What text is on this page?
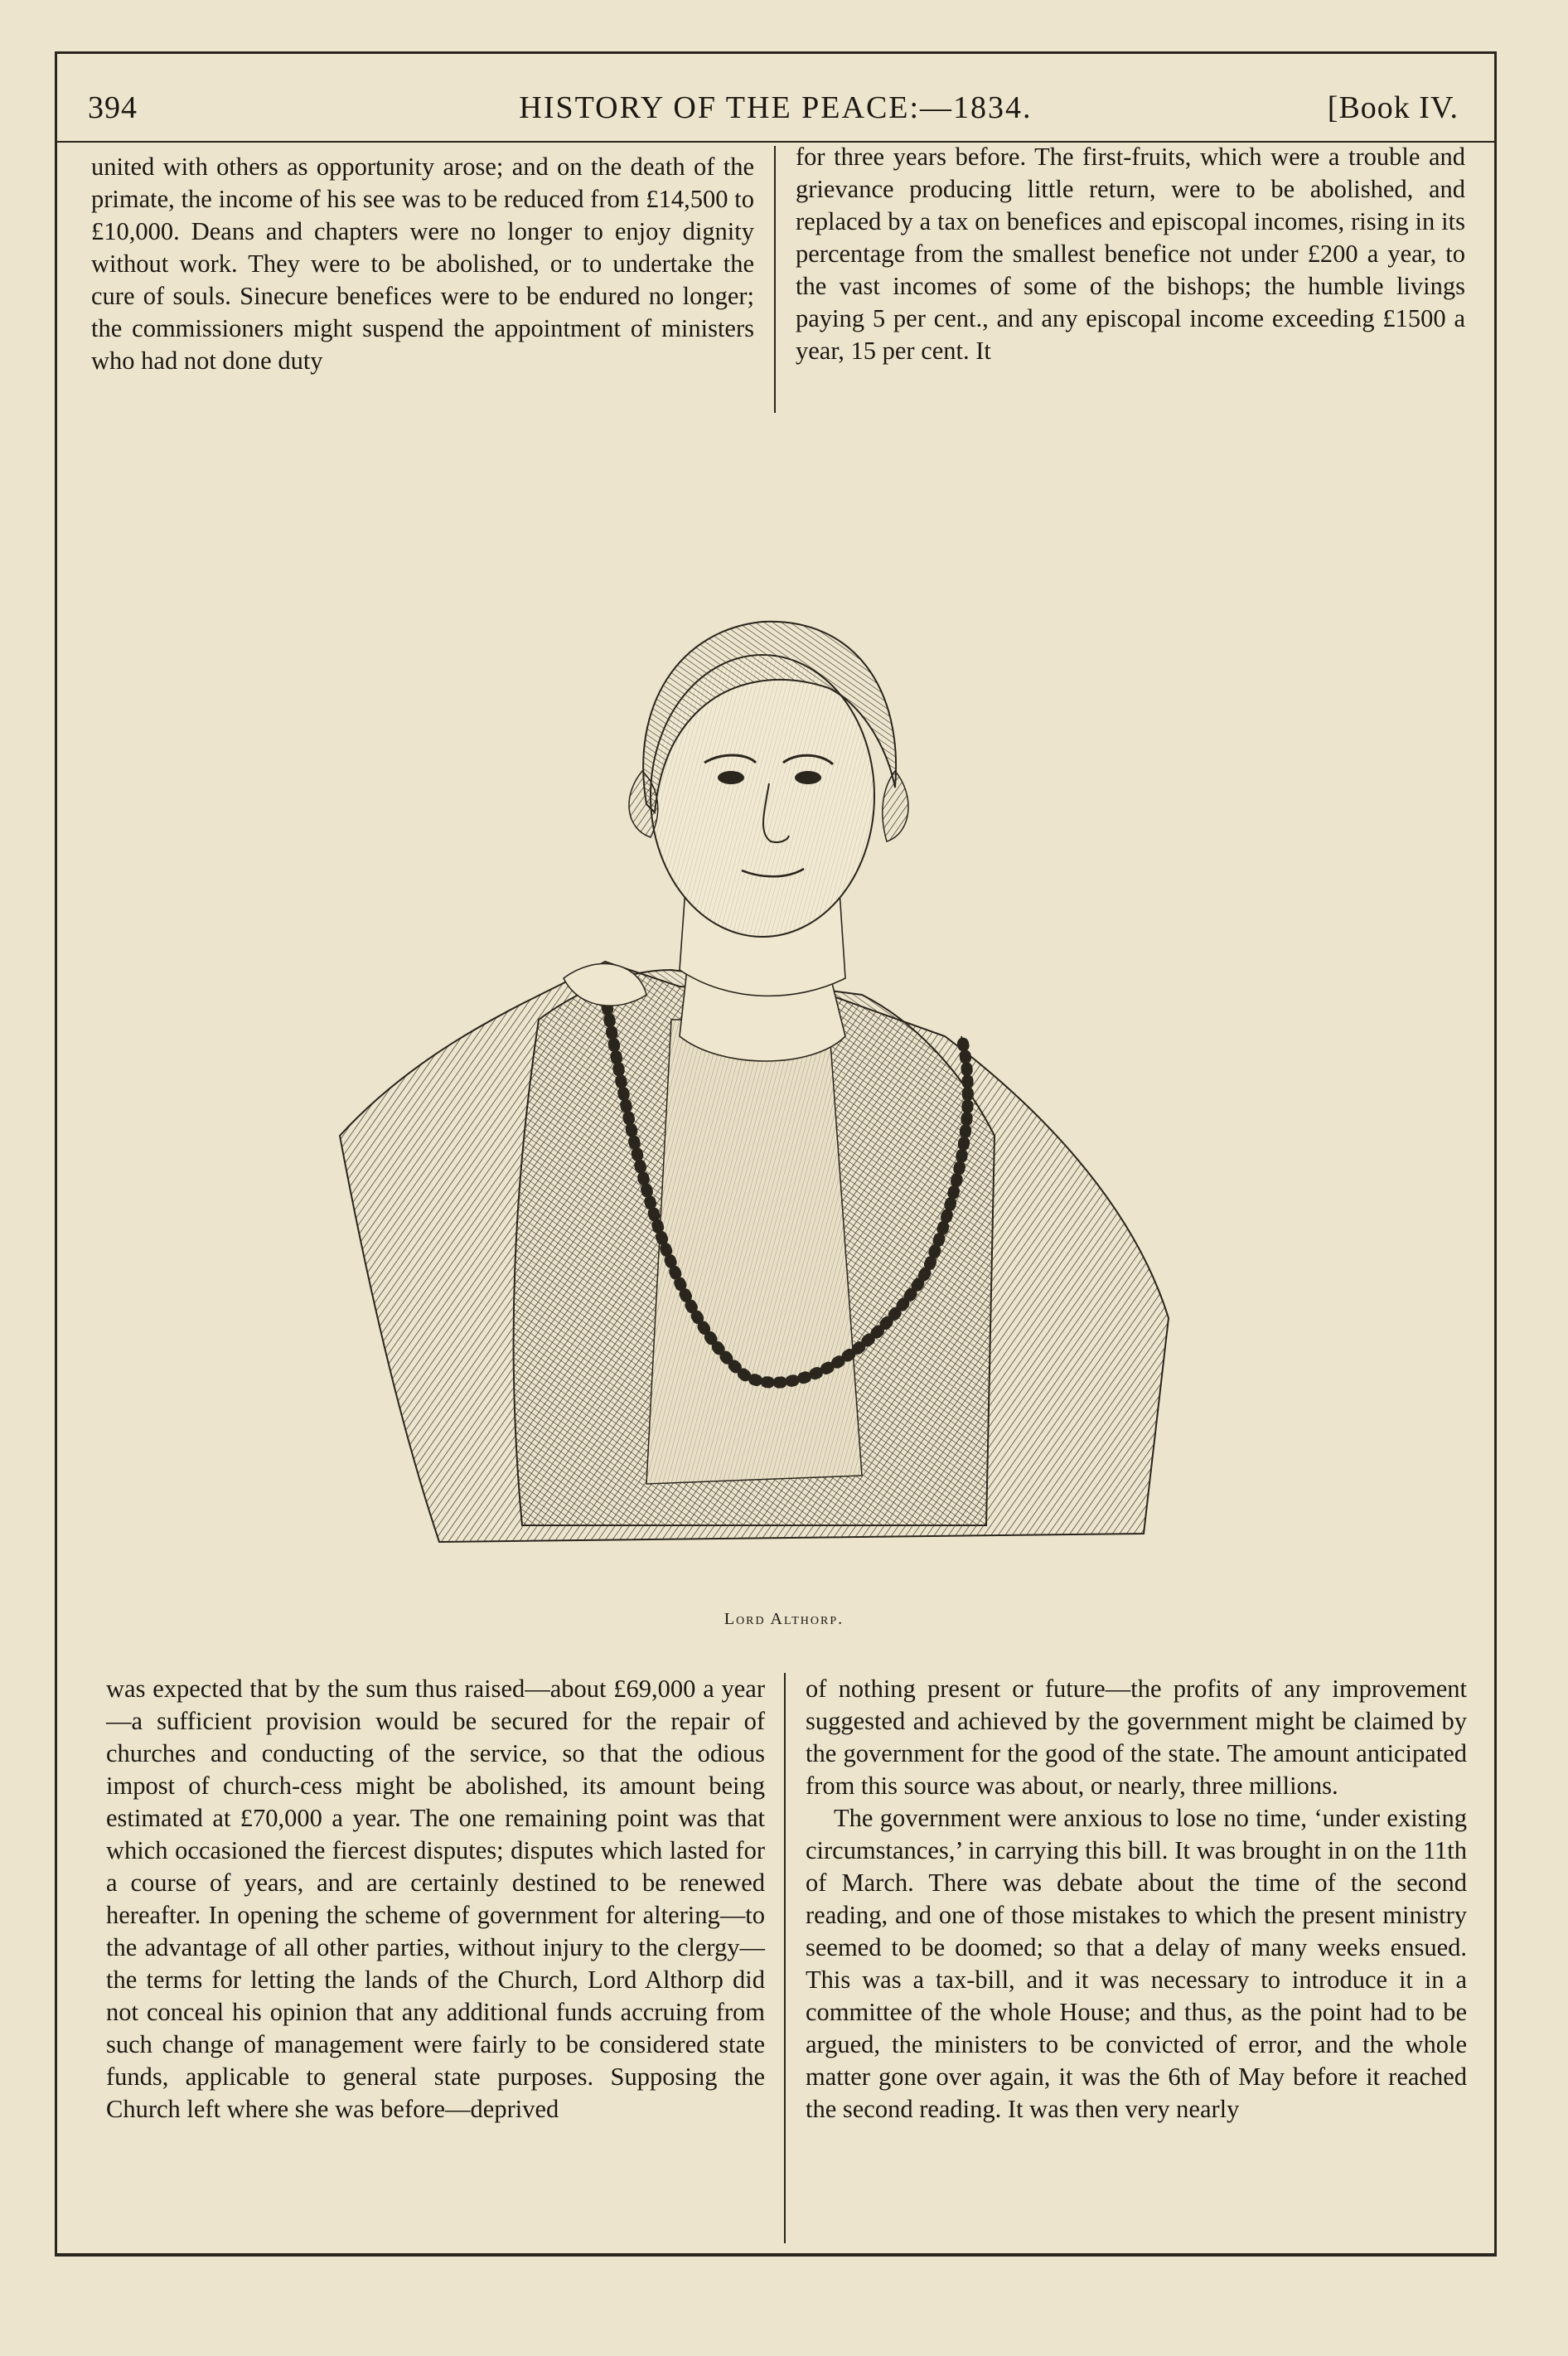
394	HISTORY OF THE PEACE:—1834.	[Book IV.

united with others as opportunity arose; and on the death of the primate, the income of his see was to be reduced from £14,500 to £10,000. Deans and chapters were no longer to enjoy dignity without work. They were to be abolished, or to undertake the cure of souls. Sinecure benefices were to be endured no longer; the commissioners might suspend the appointment of ministers who had not done duty

for three years before. The first-fruits, which were a trouble and grievance producing little return, were to be abolished, and replaced by a tax on benefices and episcopal incomes, rising in its percentage from the smallest benefice not under £200 a year, to the vast incomes of some of the bishops; the humble livings paying 5 per cent., and any episcopal income exceeding £1500 a year, 15 per cent. It

Lord Althorp.

was expected that by the sum thus raised—about £69,000 a year—a sufficient provision would be secured for the repair of churches and conducting of the service, so that the odious impost of church-cess might be abolished, its amount being estimated at £70,000 a year. The one remaining point was that which occasioned the fiercest disputes; disputes which lasted for a course of years, and are certainly destined to be renewed hereafter. In opening the scheme of government for altering—to the advantage of all other parties, without injury to the clergy—the terms for letting the lands of the Church, Lord Althorp did not conceal his opinion that any additional funds accruing from such change of management were fairly to be considered state funds, applicable to general state purposes. Supposing the Church left where she was before—deprived

of nothing present or future—the profits of any improvement suggested and achieved by the government might be claimed by the government for the good of the state. The amount anticipated from this source was about, or nearly, three millions.

The government were anxious to lose no time, ‘under existing circumstances,’ in carrying this bill. It was brought in on the 11th of March. There was debate about the time of the second reading, and one of those mistakes to which the present ministry seemed to be doomed; so that a delay of many weeks ensued. This was a tax-bill, and it was necessary to introduce it in a committee of the whole House; and thus, as the point had to be argued, the ministers to be convicted of error, and the whole matter gone over again, it was the 6th of May before it reached the second reading. It was then very nearly
